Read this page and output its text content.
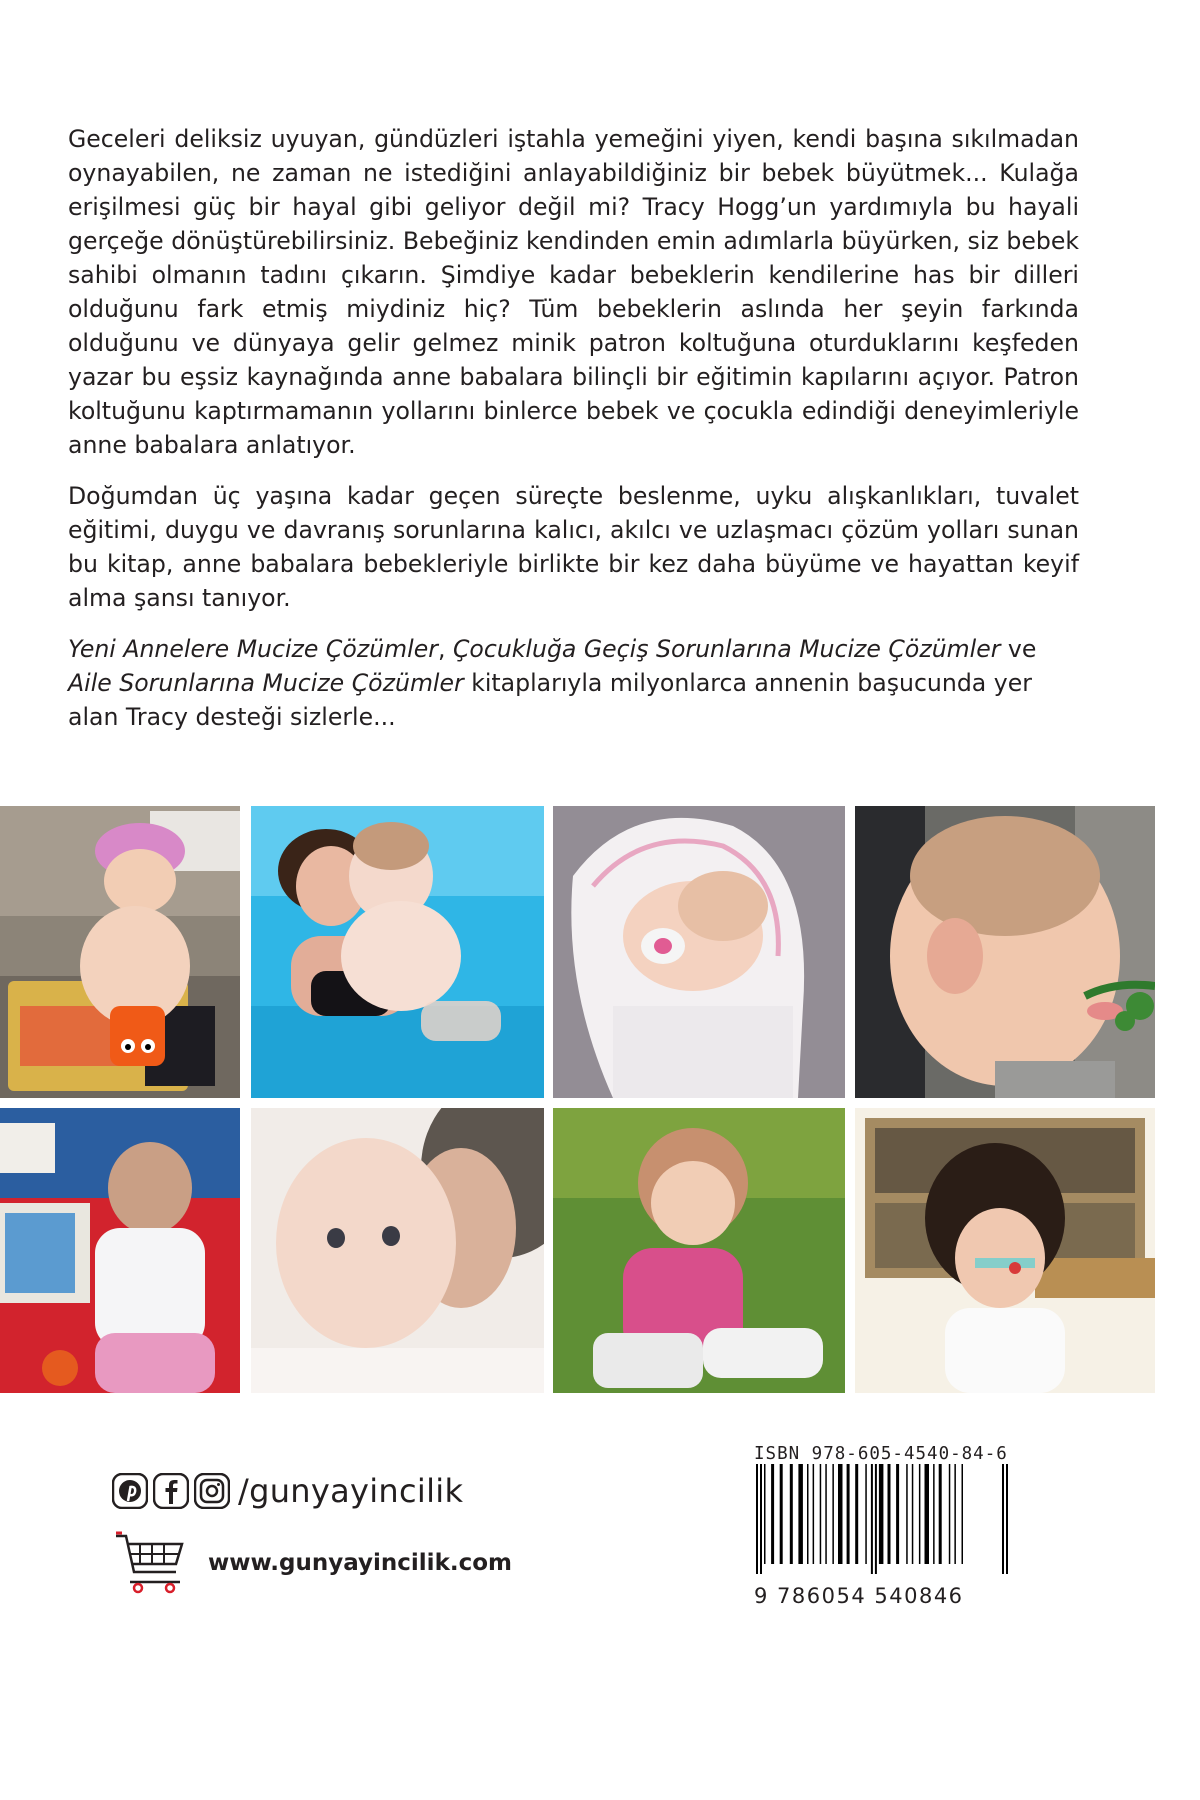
Geceleri deliksiz uyuyan, gündüzleri iştahla yemeğini yiyen, kendi başına sıkılmadan oynayabilen, ne zaman ne istediğini anlayabildiğiniz bir bebek büyütmek... Kulağa erişilmesi güç bir hayal gibi geliyor değil mi? Tracy Hogg’un yardımıyla bu hayali gerçeğe dönüştürebilirsiniz. Bebeğiniz kendinden emin adımlarla büyürken, siz bebek sahibi olmanın tadını çıkarın. Şimdiye kadar bebeklerin kendilerine has bir dilleri olduğunu fark etmiş miydiniz hiç? Tüm bebeklerin aslında her şeyin farkında olduğunu ve dünyaya gelir gelmez minik patron koltuğuna oturduklarını keşfeden yazar bu eşsiz kaynağında anne babalara bilinçli bir eğitimin kapılarını açıyor. Patron koltuğunu kaptırmamanın yollarını binlerce bebek ve çocukla edindiği deneyimleriyle anne babalara anlatıyor.

Doğumdan üç yaşına kadar geçen süreçte beslenme, uyku alışkanlıkları, tuvalet eğitimi, duygu ve davranış sorunlarına kalıcı, akılcı ve uzlaşmacı çözüm yolları sunan bu kitap, anne babalara bebekleriyle birlikte bir kez daha büyüme ve hayattan keyif alma şansı tanıyor.

Yeni Annelere Mucize Çözümler, Çocukluğa Geçiş Sorunlarına Mucize Çözümler ve Aile Sorunlarına Mucize Çözümler kitaplarıyla milyonlarca annenin başucunda yer alan Tracy desteği sizlerle...

/gunyayincilik
www.gunyayincilik.com

ISBN 978-605-4540-84-6

9 786054 540846
